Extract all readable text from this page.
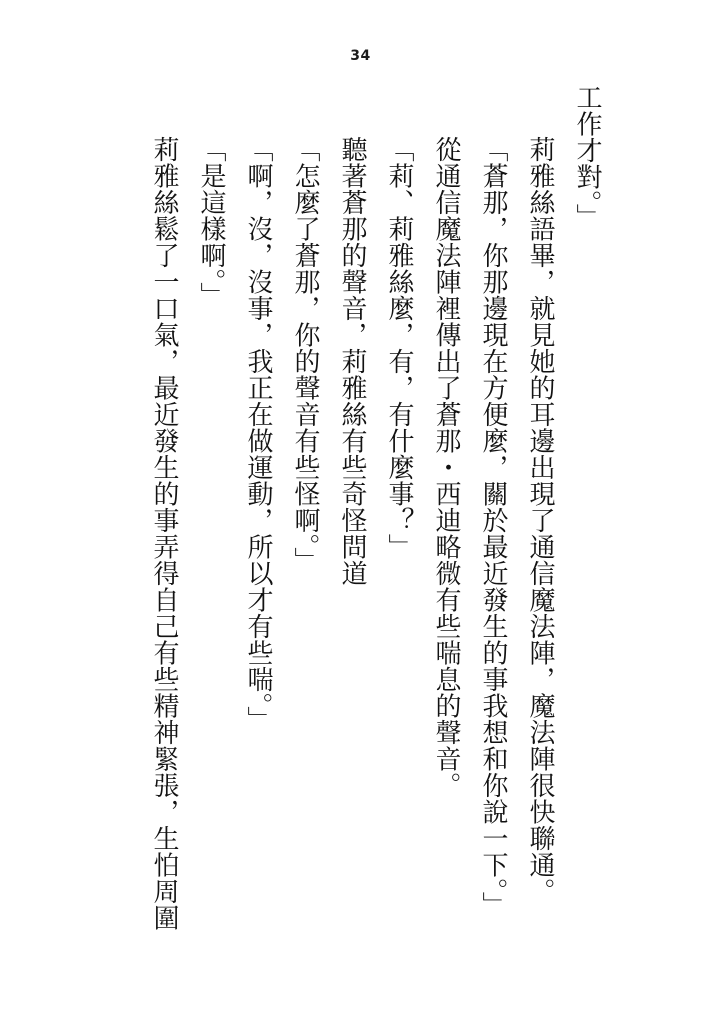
34

工作才對。」

莉雅絲語畢，就見她的耳邊出現了通信魔法陣，魔法陣很快聯通。

「蒼那，你那邊現在方便麼，關於最近發生的事我想和你說一下。」

從通信魔法陣裡傳出了蒼那・西迪略微有些喘息的聲音。

「莉、莉雅絲麼，有，有什麼事？」

聽著蒼那的聲音，莉雅絲有些奇怪問道

「怎麼了蒼那，你的聲音有些怪啊。」

「啊，沒，沒事，我正在做運動，所以才有些喘。」

「是這樣啊。」

莉雅絲鬆了一口氣，最近發生的事弄得自己有些精神緊張，生怕周圍
